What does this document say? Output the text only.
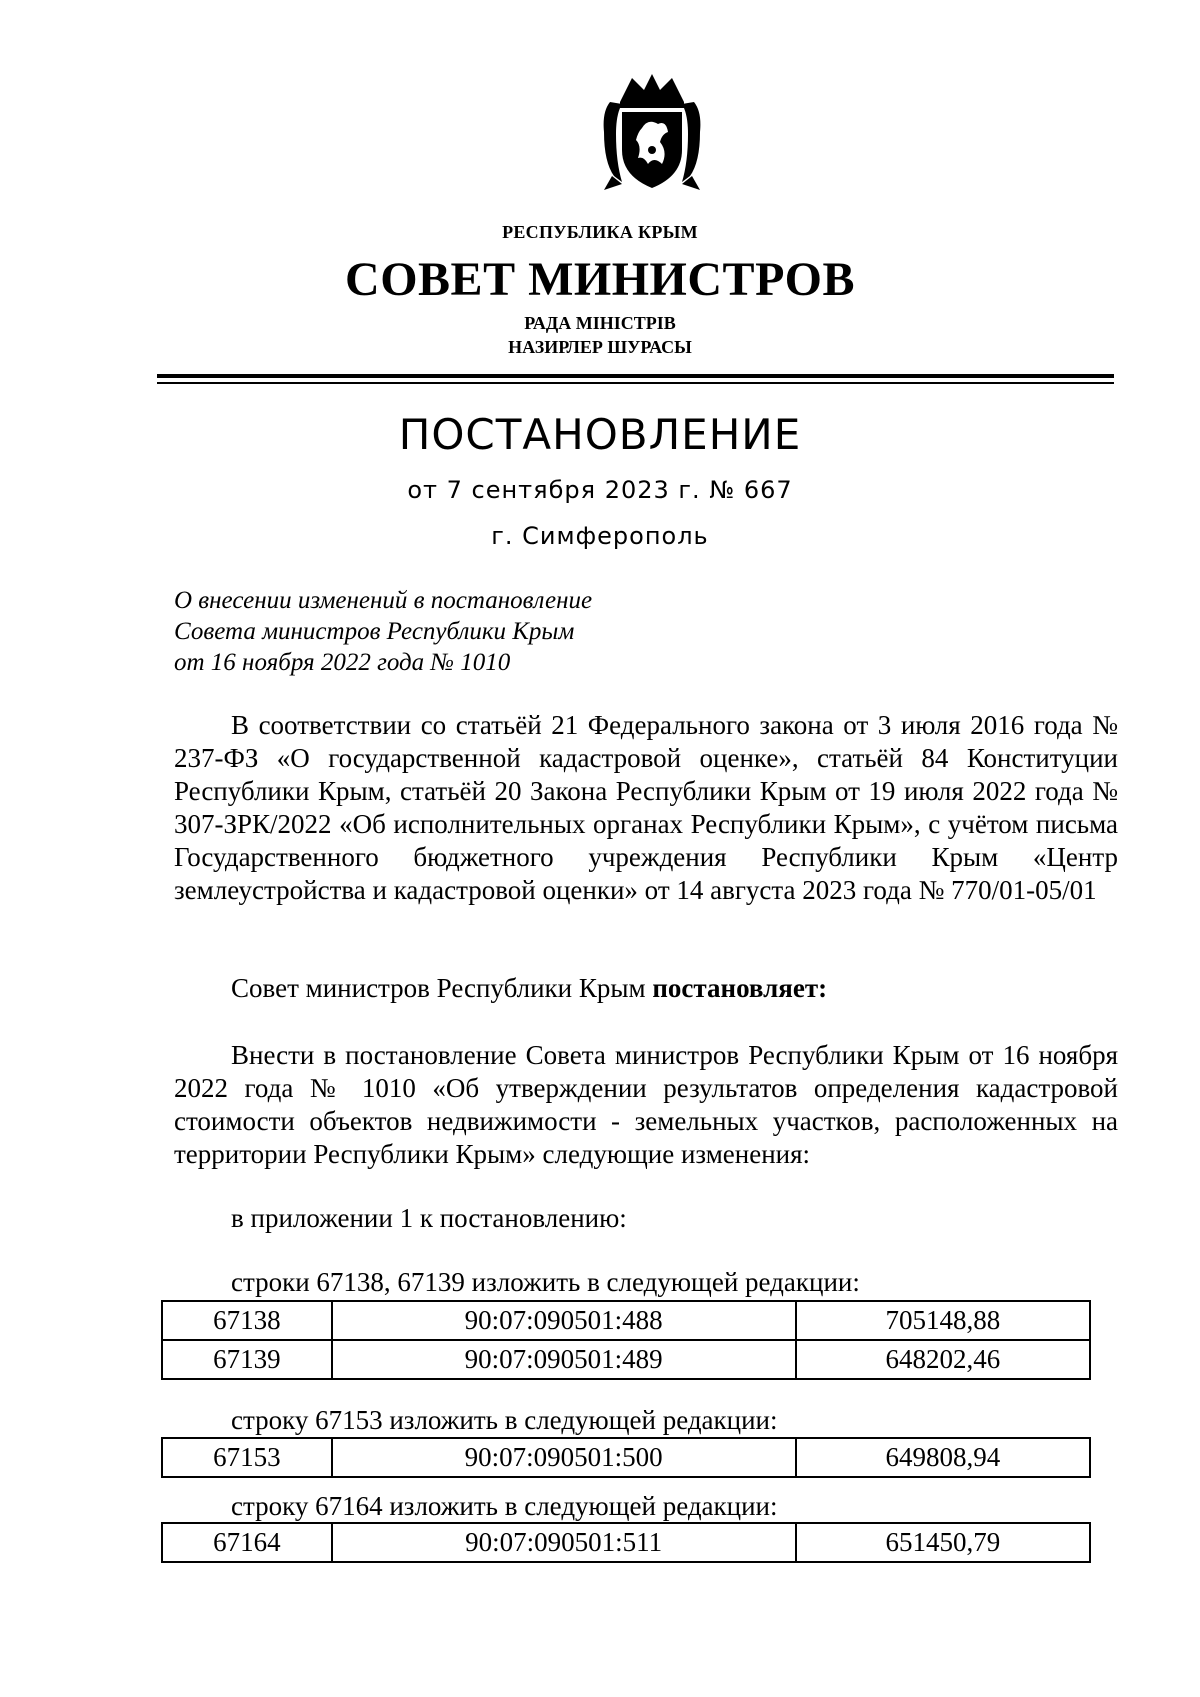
РЕСПУБЛИКА КРЫМ
СОВЕТ МИНИСТРОВ
РАДА МІНІСТРІВ
НАЗИРЛЕР ШУРАСЫ
ПОСТАНОВЛЕНИЕ
от 7 сентября 2023 г. № 667
г. Симферополь
О внесении изменений в постановление
Совета министров Республики Крым
от 16 ноября 2022 года № 1010

В соответствии со статьёй 21 Федерального закона от 3 июля 2016 года № 237-ФЗ «О государственной кадастровой оценке», статьёй 84 Конституции Республики Крым, статьёй 20 Закона Республики Крым от 19 июля 2022 года № 307-ЗРК/2022 «Об исполнительных органах Республики Крым», с учётом письма Государственного бюджетного учреждения Республики Крым «Центр землеустройства и кадастровой оценки» от 14 августа 2023 года № 770/01-05/01

Совет министров Республики Крым постановляет:

Внести в постановление Совета министров Республики Крым от 16 ноября 2022 года № 1010 «Об утверждении результатов определения кадастровой стоимости объектов недвижимости - земельных участков, расположенных на территории Республики Крым» следующие изменения:

в приложении 1 к постановлению:

строки 67138, 67139 изложить в следующей редакции:

67138	90:07:090501:488	705148,88
67139	90:07:090501:489	648202,46

строку 67153 изложить в следующей редакции:

67153	90:07:090501:500	649808,94

строку 67164 изложить в следующей редакции:

67164	90:07:090501:511	651450,79
